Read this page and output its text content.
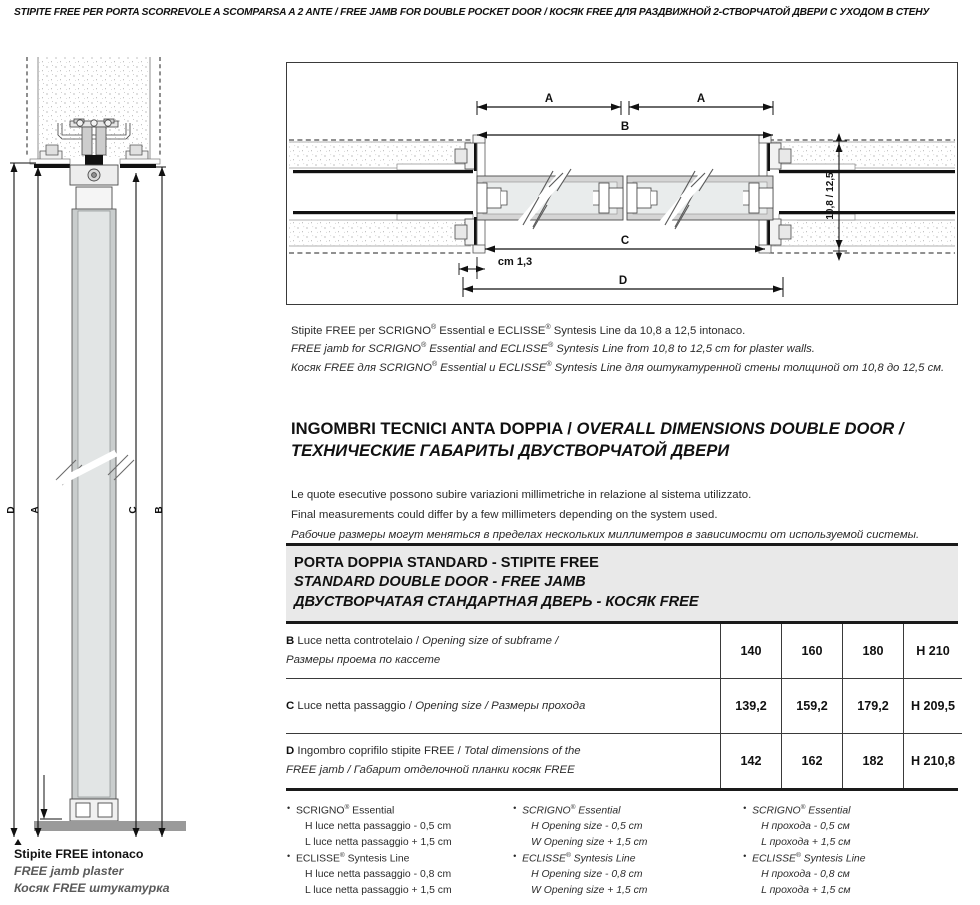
STIPITE FREE PER PORTA SCORREVOLE A SCOMPARSA A 2 ANTE / FREE JAMB FOR DOUBLE POCKET DOOR / КОСЯК FREE ДЛЯ РАЗДВИЖНОЙ 2-СТВОРЧАТОЙ ДВЕРИ С УХОДОМ В СТЕНУ
D A	C B
Stipite FREE intonaco
FREE jamb plaster
Косяк FREE штукатурка
A	A
B
C
cm 1,3
D
10,8 / 12,5
Stipite FREE per SCRIGNO® Essential e ECLISSE® Syntesis Line da 10,8 a 12,5 intonaco.
FREE jamb for SCRIGNO® Essential and ECLISSE® Syntesis Line from 10,8 to 12,5 cm for plaster walls.
Косяк FREE для SCRIGNO® Essential и ECLISSE® Syntesis Line для оштукатуренной стены толщиной от 10,8 до 12,5 см.
INGOMBRI TECNICI ANTA DOPPIA / OVERALL DIMENSIONS DOUBLE DOOR /
ТЕХНИЧЕСКИЕ ГАБАРИТЫ ДВУСТВОРЧАТОЙ ДВЕРИ
Le quote esecutive possono subire variazioni millimetriche in relazione al sistema utilizzato.
Final measurements could differ by a few millimeters depending on the system used.
Рабочие размеры могут меняться в пределах нескольких миллиметров в зависимости от используемой системы.
PORTA DOPPIA STANDARD - STIPITE FREE
STANDARD DOUBLE DOOR - FREE JAMB
ДВУСТВОРЧАТАЯ СТАНДАРТНАЯ ДВЕРЬ - КОСЯК FREE
B Luce netta controtelaio / Opening size of subframe /
Размеры проема по кассете	140	160	180	H 210
C Luce netta passaggio / Opening size / Размеры прохода	139,2	159,2	179,2	H 209,5
D Ingombro coprifilo stipite FREE / Total dimensions of the
FREE jamb / Габарит отделочной планки косяк FREE	142	162	182	H 210,8
• SCRIGNO® Essential
H luce netta passaggio - 0,5 cm
L luce netta passaggio + 1,5 cm
• ECLISSE® Syntesis Line
H luce netta passaggio - 0,8 cm
L luce netta passaggio + 1,5 cm
• SCRIGNO® Essential
H Opening size - 0,5 cm
W Opening size + 1,5 cm
• ECLISSE® Syntesis Line
H Opening size - 0,8 cm
W Opening size + 1,5 cm
• SCRIGNO® Essential
H прохода - 0,5 см
L прохода + 1,5 см
• ECLISSE® Syntesis Line
H прохода - 0,8 см
L прохода + 1,5 см
